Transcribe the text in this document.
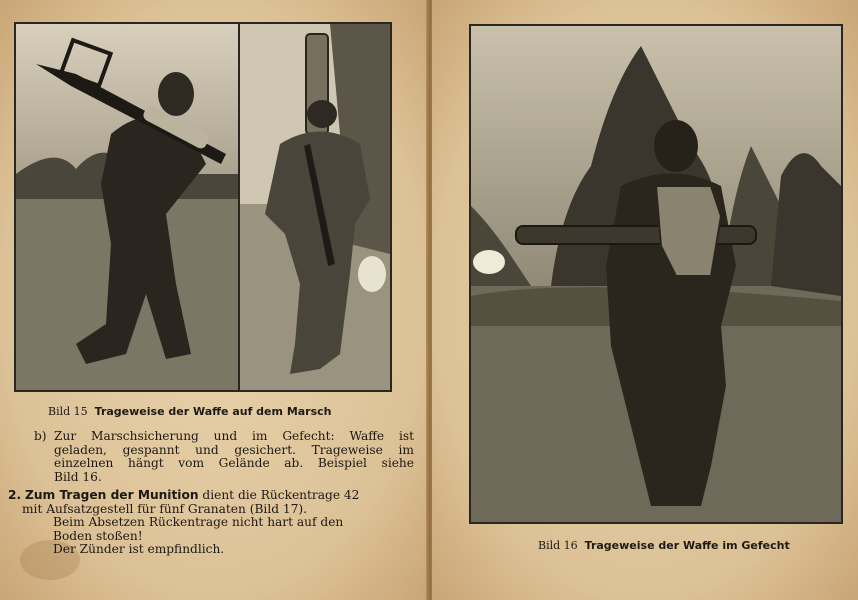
Bild 15 Trageweise der Waffe auf dem Marsch
b) Zur Marschsicherung und im Gefecht: Waffe ist
geladen, gespannt und gesichert. Trageweise im
einzelnen hängt vom Gelände ab. Beispiel siehe
Bild 16.
2. Zum Tragen der Munition dient die Rückentrage 42
mit Aufsatzgestell für fünf Granaten (Bild 17).
Beim Absetzen Rückentrage nicht hart auf den
Boden stoßen!
Der Zünder ist empfindlich.	Bild 16 Trageweise der Waffe im Gefecht
